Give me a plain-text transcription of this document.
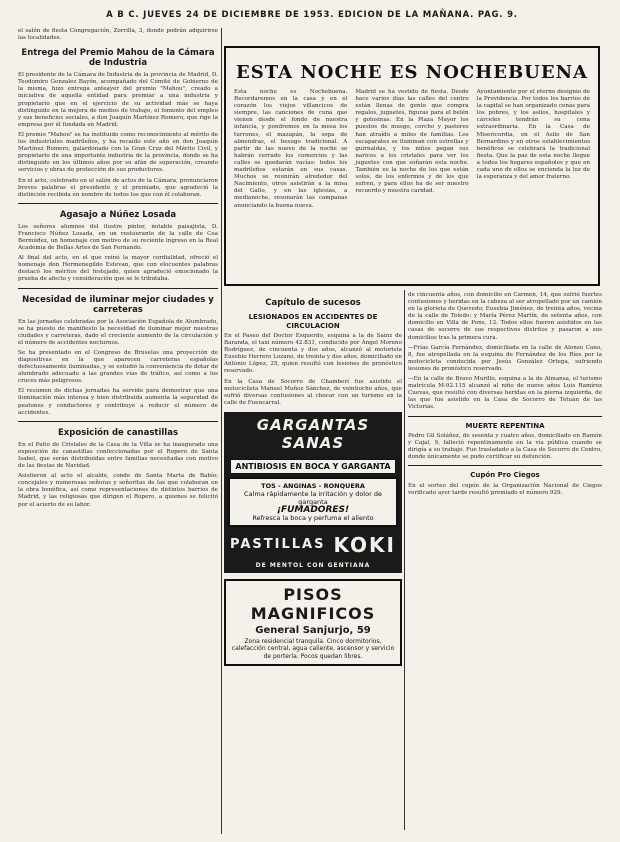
A B C. JUEVES 24 DE DICIEMBRE DE 1953. EDICION DE LA MAÑANA. PAG. 9.

el salón de fiesta Congregación, Zorrilla, 3, donde podrán adquirirse las localidades.

Entrega del Premio Mahou de la Cámara de Industria

El presidente de la Cámara de Industria de la provincia de Madrid, D. Teodomiro Gonzalez Bayón, acompañado del Comité de Gobierno de la misma, hizo entrega anteayer del premio "Mahou", creado a iniciativa de aquella entidad para premiar a una industria y propietario que en el ejercicio de su actividad más se haya distinguido en la mejora de medios de trabajo, el fomento del empleo y sus beneficios sociales, a don Joaquín Martínez Romero, que rige la empresa por él fundada en Madrid.

El premio "Mahou" se ha instituido como reconocimiento al mérito de los industriales madrileños, y ha recaído este año en don Joaquín Martínez Romero, galardonado con la Gran Cruz del Mérito Civil, y propietario de una importante industria de la provincia, donde se ha distinguido en los últimos años por su afán de superación, creando servicios y obras de protección de sus productores.

En el acto, celebrado en el salón de actos de la Cámara, pronunciaron breves palabras el presidente y el premiado, que agradeció la distinción recibida en nombre de todos los que con él colaboran.

Agasajo a Núñez Losada

Los señores alumnos del ilustre pintor, notable paisajista, D. Francisco Núñez Losada, en un restaurante de la calle de Cea Bermúdez, un homenaje con motivo de su reciente ingreso en la Real Academia de Bellas Artes de San Fernando.

Al final del acto, en el que reinó la mayor cordialidad, ofreció el homenaje don Hermenegildo Estevan, que con elocuentes palabras destacó los méritos del festejado, quien agradeció emocionado la prueba de afecto y consideración que se le tributaba.

Necesidad de iluminar mejor ciudades y carreteras

En las jornadas celebradas por la Asociación Española de Alumbrado, se ha puesto de manifiesto la necesidad de iluminar mejor nuestras ciudades y carreteras, dado el creciente aumento de la circulación y el número de accidentes nocturnos.

Se ha presentado en el Congreso de Bruselas una proyección de diapositivas en la que aparecen carreteras españolas defectuosamente iluminadas, y se estudió la conveniencia de dotar de alumbrado adecuado a las grandes vías de tráfico, así como a los cruces más peligrosos.

El resumen de dichas jornadas ha servido para demostrar que una iluminación más intensa y bien distribuida aumenta la seguridad de peatones y conductores y contribuye a reducir el número de accidentes.

Exposición de canastillas

En el Patio de Cristales de la Casa de la Villa se ha inaugurado una exposición de canastillas confeccionadas por el Ropero de Santa Isabel, que serán distribuidas entre familias necesitadas con motivo de las fiestas de Navidad.

Asistieron al acto el alcalde, conde de Santa Marta de Babío; concejales y numerosas señoras y señoritas de las que colaboran en la obra benéfica, así como representaciones de distintos barrios de Madrid, y las religiosas que dirigen el Ropero, a quienes se felicitó por el acierto de su labor.

ESTA NOCHE ES NOCHEBUENA

Esta noche es Nochebuena. Recordaremos en la casa y en el corazón los viejos villancicos de siempre, las canciones de cuna que vienen desde el fondo de nuestra infancia, y pondremos en la mesa los turrones, el mazapán, la sopa de almendras, el besugo tradicional. A partir de las nueve de la noche se habrán cerrado los comercios y las calles se quedarán vacías: todos los madrileños estarán en sus casas. Muchos se reunirán alrededor del Nacimiento, otros asistirán a la misa del Gallo, y en las iglesias, a medianoche, resonarán las campanas anunciando la buena nueva.

Madrid se ha vestido de fiesta. Desde hace varios días las calles del centro están llenas de gente que compra regalos, juguetes, figuras para el belén y golosinas. En la Plaza Mayor los puestos de musgo, corcho y pastores han atraído a miles de familias. Los escaparates se iluminan con estrellas y guirnaldas, y los niños pegan sus narices a los cristales para ver los juguetes con que soñarán esta noche. También es la noche de los que están solos, de los enfermos y de los que sufren, y para ellos ha de ser nuestro recuerdo y nuestra caridad.

Ayuntamiento por el eterno designio de la Providencia. Por todos los barrios de la capital se han organizado cenas para los pobres, y los asilos, hospitales y cárceles tendrán su cena extraordinaria. En la Casa de Misericordia, en el Asilo de San Bernardino y en otros establecimientos benéficos se celebrará la tradicional fiesta. Que la paz de esta noche llegue a todos los hogares españoles y que en cada uno de ellos se encienda la luz de la esperanza y del amor fraterno.

Capítulo de sucesos
LESIONADOS EN ACCIDENTES DE CIRCULACION

En el Paseo del Doctor Esquerdo, esquina a la de Sainz de Baranda, el taxi número 42.831, conducido por Ángel Moreno Rodríguez, de cincuenta y dos años, alcanzó al motorista Eusebio Herrero Lozano, de treinta y dos años, domiciliado en Antonio López, 25, quien resultó con lesiones de pronóstico reservado.

En la Casa de Socorro de Chamberí fue asistido el motociclista Manuel Muñoz Sánchez, de veintiocho años, que sufrió diversas contusiones al chocar con un turismo en la calle de Fuencarral.

GARGANTAS SANAS
ANTIBIOSIS EN BOCA Y GARGANTA
TOS - ANGINAS - RONQUERA
Calma rápidamente la irritación y dolor de garganta
¡FUMADORES!
Refresca la boca y perfuma el aliento
PASTILLAS KOKI
DE MENTOL CON GENTIANA
PISOS MAGNIFICOS
General Sanjurjo, 59
Zona residencial tranquila. Cinco dormitorios, calefacción central, agua caliente, ascensor y servicio de portería. Pocos quedan libres.

de cincuenta años, con domicilio en Carmen, 14, que sufrió fuertes contusiones y heridas en la cabeza al ser atropellado por un camión en la glorieta de Quevedo; Eusebia Jiménez, de treinta años, vecina de la calle de Toledo; y María Pérez Martín, de setenta años, con domicilio en Villa de Pons, 12. Todos ellos fueron asistidos en las casas de socorro de sus respectivos distritos y pasaron a sus domicilios tras la primera cura.

—Frías García Fernández, domiciliada en la calle de Alonso Cano, 8, fue atropellada en la esquina de Fernández de los Ríos por la motocicleta conducida por Jesús González Ortega, sufriendo lesiones de pronóstico reservado.

—En la calle de Bravo Murillo, esquina a la de Almansa, el turismo matrícula M-92.115 alcanzó al niño de nueve años Luis Ramírez Cuevas, que resultó con diversas heridas en la pierna izquierda, de las que fue asistido en la Casa de Socorro de Tetuán de las Victorias.

MUERTE REPENTINA

Pedro Gil Soláñez, de sesenta y cuatro años, domiciliado en Ramón y Cajal, 9, falleció repentinamente en la vía pública cuando se dirigía a su trabajo. Fue trasladado a la Casa de Socorro de Centro, donde únicamente se pudo certificar su defunción.

Cupón Pro Ciegos

En el sorteo del cupón de la Organización Nacional de Ciegos verificado ayer tarde resultó premiado el número 929.
